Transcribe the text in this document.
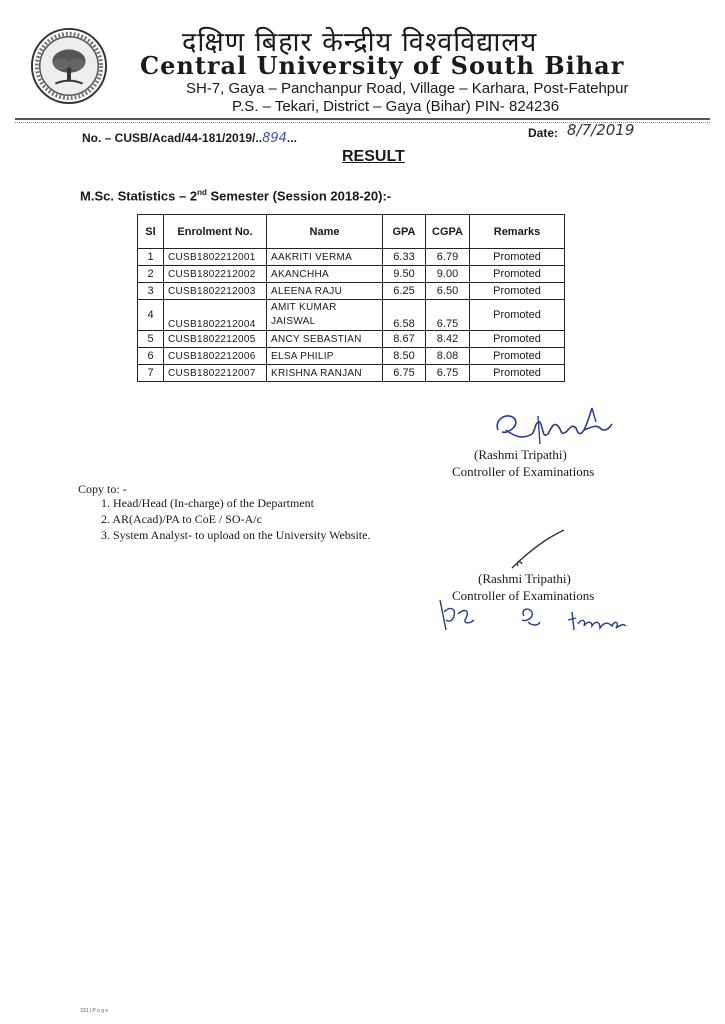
दक्षिण बिहार केन्द्रीय विश्वविद्यालय
Central University of South Bihar
SH-7, Gaya – Panchanpur Road, Village – Karhara, Post-Fatehpur
P.S. – Tekari, District – Gaya (Bihar) PIN- 824236
No. – CUSB/Acad/44-181/2019/..894...	Date: 8/7/2019
RESULT
M.Sc. Statistics – 2nd Semester (Session 2018-20):-
Sl	Enrolment No.	Name	GPA	CGPA	Remarks
1	CUSB1802212001	AAKRITI VERMA	6.33	6.79	Promoted
2	CUSB1802212002	AKANCHHA	9.50	9.00	Promoted
3	CUSB1802212003	ALEENA RAJU	6.25	6.50	Promoted
4	CUSB1802212004	AMIT KUMAR
JAISWAL	6.58	6.75	Promoted
5	CUSB1802212005	ANCY SEBASTIAN	8.67	8.42	Promoted
6	CUSB1802212006	ELSA PHILIP	8.50	8.08	Promoted
7	CUSB1802212007	KRISHNA RANJAN	6.75	6.75	Promoted
(Rashmi Tripathi)
Controller of Examinations
Copy to: -
1. Head/Head (In-charge) of the Department
2. AR(Acad)/PA to CoE / SO-A/c
3. System Analyst- to upload on the University Website.
(Rashmi Tripathi)
Controller of Examinations
333 | P a g e
